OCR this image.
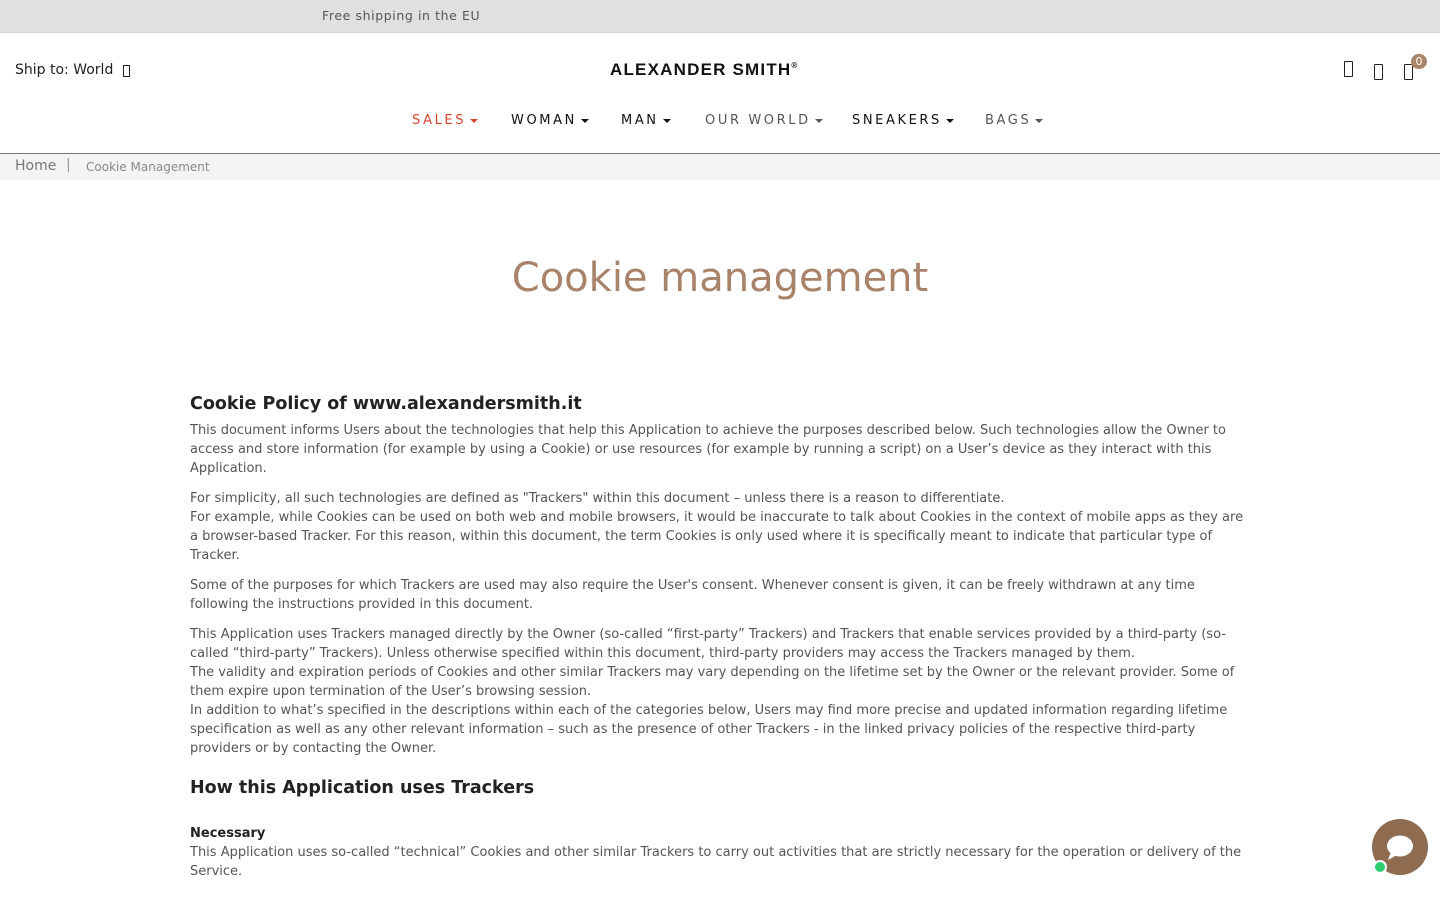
Free shipping in the EU
Ship to: World	ALEXANDER SMITH®	0
SALES	WOMAN	MAN	OUR WORLD	SNEAKERS	BAGS
Home | Cookie Management
Cookie management
Cookie Policy of www.alexandersmith.it

This document informs Users about the technologies that help this Application to achieve the purposes described below. Such technologies allow the Owner to access and store information (for example by using a Cookie) or use resources (for example by running a script) on a User’s device as they interact with this Application.

For simplicity, all such technologies are defined as "Trackers" within this document – unless there is a reason to differentiate.

For example, while Cookies can be used on both web and mobile browsers, it would be inaccurate to talk about Cookies in the context of mobile apps as they are a browser-based Tracker. For this reason, within this document, the term Cookies is only used where it is specifically meant to indicate that particular type of Tracker.

Some of the purposes for which Trackers are used may also require the User's consent. Whenever consent is given, it can be freely withdrawn at any time following the instructions provided in this document.

This Application uses Trackers managed directly by the Owner (so-called “first-party” Trackers) and Trackers that enable services provided by a third-party (so-called “third-party” Trackers). Unless otherwise specified within this document, third-party providers may access the Trackers managed by them.

The validity and expiration periods of Cookies and other similar Trackers may vary depending on the lifetime set by the Owner or the relevant provider. Some of them expire upon termination of the User’s browsing session.

In addition to what’s specified in the descriptions within each of the categories below, Users may find more precise and updated information regarding lifetime specification as well as any other relevant information – such as the presence of other Trackers - in the linked privacy policies of the respective third-party providers or by contacting the Owner.

How this Application uses Trackers
Necessary

This Application uses so-called “technical” Cookies and other similar Trackers to carry out activities that are strictly necessary for the operation or delivery of the Service.
